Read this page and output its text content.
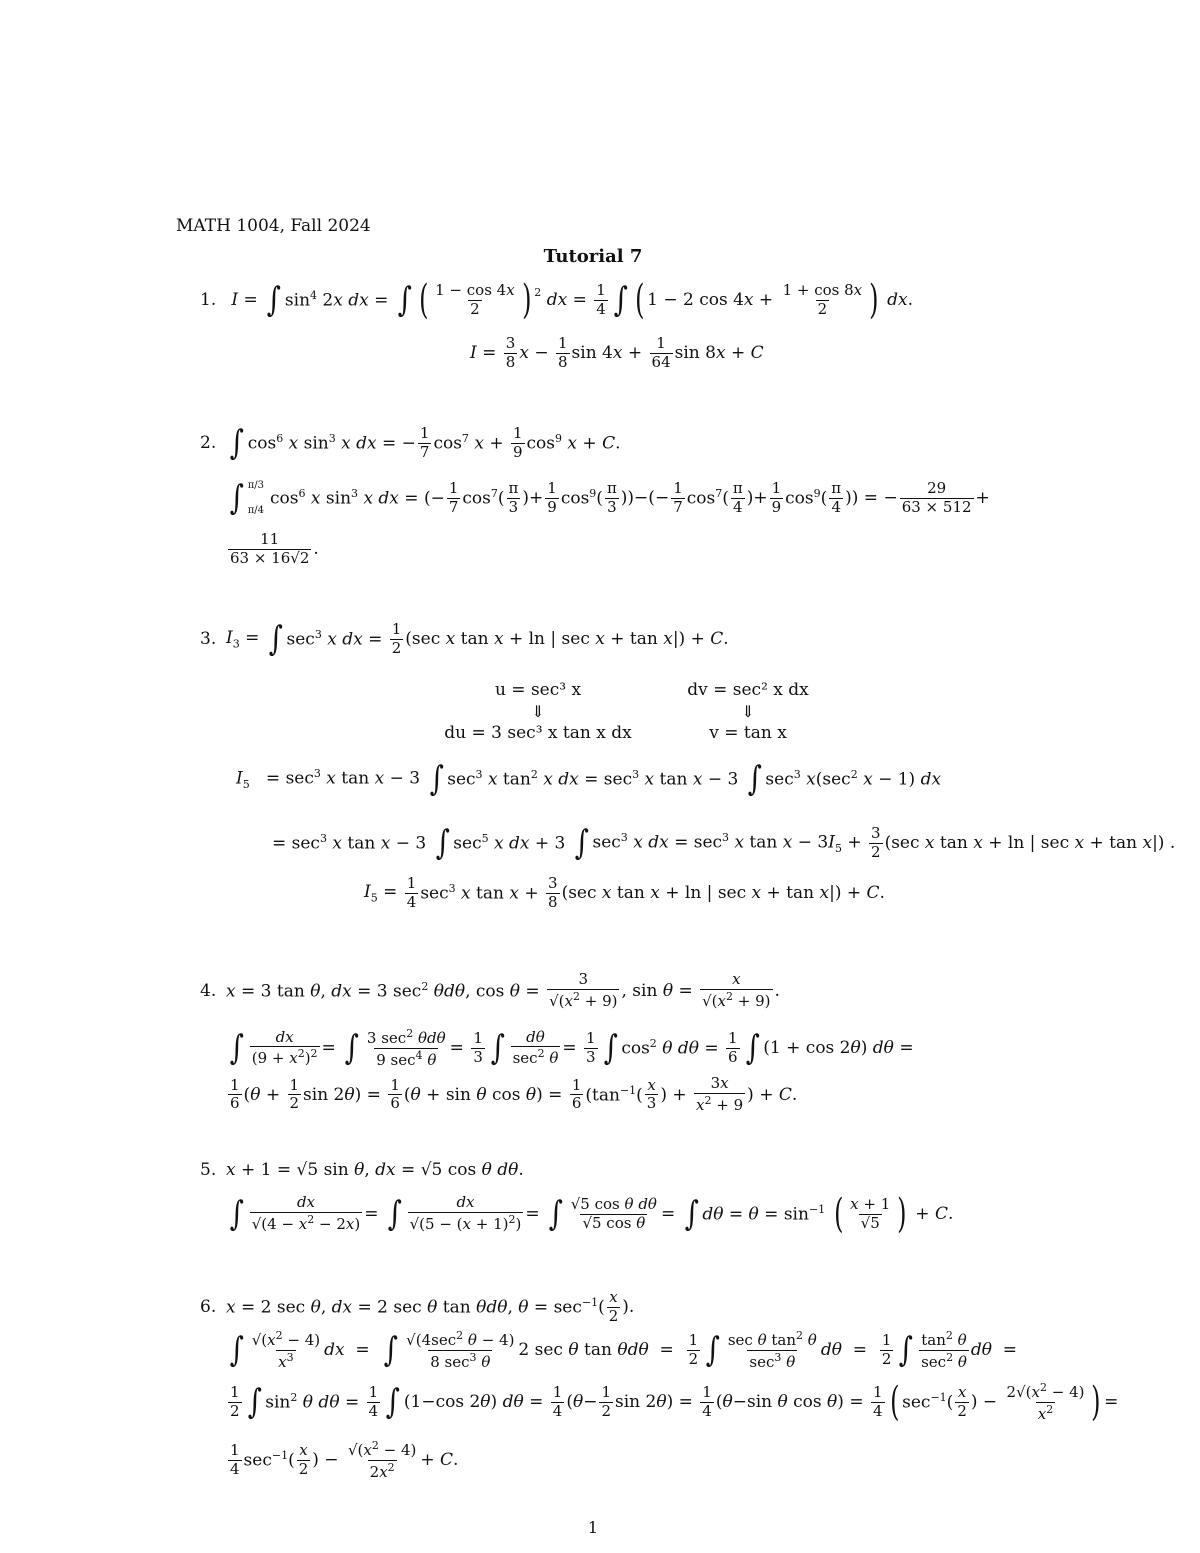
MATH 1004, Fall 2024
Tutorial 7
1. I = ∫ $\sin^4 2x$ dx = ∫ ( $\frac{1 - \cos 4x}{2}$ ) $^2$ dx = $\frac{1}{4}$ ∫ ( 1 − 2 $\cos 4x + \frac{1 + \cos 8x}{2}$ ) dx.
$I = \frac{3}{8}$ $x - \frac{1}{8}$ $\sin 4x + \frac{1}{64}$ sin 8x + C
2. ∫ $\cos^6 x$ $\sin^3 x$ dx = − $\frac{1}{7} \cos^7 x + \frac{1}{9} \cos^9 x + C$.
∫ π/3
π/4
$\cos^6 x$ $\sin^3 x$ dx = (− $\frac{1}{7} \cos^7( \frac{\pi}{3}$ )+ $\frac{1}{9} \cos^9( \frac{\pi}{3}$ ))−(− $\frac{1}{7} \cos^7( \frac{\pi}{4}$ )+ $\frac{1}{9} \cos^9( \frac{\pi}{4}$ )) = − $\frac{29}{63 \times 512}$ +
$\frac{11}{63 \times 16√2}$ .
3. $I_3$ = ∫ $\sec^3 x$ dx = $\frac{1}{2} (\sec$ x tan x + ln | sec x + tan x|) + C.
u = sec³ x	dv = sec² x dx
⇓	⇓
du = 3 sec³ x tan x dx	v = tan x
$I_5 = \sec^3 x$ tan x − 3 ∫ $\sec^3 x$ $\tan^2 x$ dx = $\sec^3 x$ tan x − 3 ∫ $\sec^3 x(\sec^2$ x − 1) dx
= $\sec^3 x$ tan x − 3 ∫ $\sec^5 x$ dx + 3 ∫ $\sec^3 x$ dx = $\sec^3 x$ $\tan x - 3I_5 + \frac{3}{2} (\sec$ x tan x + ln | sec x + tan x|) .
$I_5 = \frac{1}{4} \sec^3 x$ $\tan x + \frac{3}{8} (\sec$ x tan x + ln | sec x + tan x|) + C.
4. x = 3 tan θ, dx = 3 $\sec^2 \theta d\theta$, $\cos \theta = \frac{3}{√(x^2 + 9)}$ , $\sin \theta = \frac{x}{√(x^2 + 9)}$ .
∫ $\frac{dx}{(9 + x^2)^2}$ = ∫ $\frac{3 \sec^2 \theta d\theta}{9 \sec^4 \theta} = \frac{1}{3}$ ∫ $\frac{d\theta}{\sec^2 \theta} = \frac{1}{3}$ ∫ $\cos^2 \theta$ $d\theta = \frac{1}{6}$ ∫ (1 + cos 2θ) dθ =
$\frac{1}{6} (\theta + \frac{1}{2}$ $\sin 2\theta) = \frac{1}{6} (\theta + \sin \theta$ $\cos \theta) = \frac{1}{6} (\tan^{-1}( \frac{x}{3}$ ) + $\frac{3x}{x^2 + 9}$ ) + C.
5. x + 1 = √5 sin θ, dx = √5 cos θ dθ.
∫ $\frac{dx}{√(4 - x^2 - 2x)}$ = ∫ $\frac{dx}{√(5 - (x + 1)^2)}$ = ∫ $\frac{\text{√5 cos θ dθ}}{\text{√5 cos θ}}$ = ∫ $d\theta = \theta = \sin^{-1}$ ( $\frac{x + 1}{√5}$ ) + C.
6. x = 2 sec θ, dx = 2 sec θ tan θdθ, $\theta = \sec^{-1}( \frac{x}{2}$ ).
∫ $\frac{√(x^2 - 4)}{x^3}$ dx  = ∫ $\frac{√(4\sec^2 \theta - 4)}{8 \sec^3 \theta} 2$ sec θ $\tan \theta d\theta = \frac{1}{2}$ ∫ $\frac{\sec \theta \tan^2 \theta}{\sec^3 \theta}$ $d\theta = \frac{1}{2}$ ∫ $\frac{\tan^2 \theta}{\sec^2 \theta}$ dθ  =
$\frac{1}{2}$ ∫ $\sin^2 \theta$ $d\theta = \frac{1}{4}$ ∫ (1−cos 2θ) $d\theta = \frac{1}{4} (\theta- \frac{1}{2}$ $\sin 2\theta) = \frac{1}{4} (\theta-\sin$ θ $\cos \theta) = \frac{1}{4}$ ( $\sec^{-1}( \frac{x}{2}$ ) − $\frac{2√(x^2 - 4)}{x^2}$ ) =
$\frac{1}{4} \sec^{-1}( \frac{x}{2}$ ) − $\frac{√(x^2 - 4)}{2x^2} + C$.
1
